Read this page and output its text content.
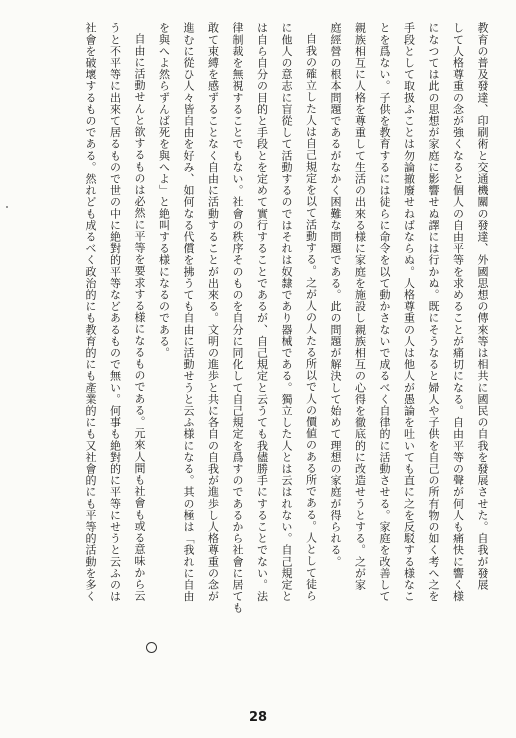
教育の普及發達、印刷術と交通機關の發達、外國思想の傳來等は相共に國民の自我を發展させた。自我が發展
して人格尊重の念が強くなると個人の自由平等を求めることが痛切になる。自由平等の聲が何人も痛快に響く様
になつては此の思想が家庭に影響せぬ譯には行かぬ。既にそうなると婦人や子供を自己の所有物の如く考へ之を
手段として取扱ふことは勿論撤廢せねばならぬ。人格尊重の人は他人が愚論を吐いても直に之を反駁する様なこ
とを爲ない。子供を教育するには徒らに命令を以て動かさないで成るべく自律的に活動させる。家庭を改善して
親族相互に人格を尊重して生活の出來る様に家庭を施設し親族相互の心得を徹底的に改造せうとする。之が家
庭經營の根本問題であるがなかく困難な問題である。此の問題が解決して始めて理想の家庭が得られる。
自我の確立した人は自己規定を以て活動する。之が人の人たる所以で人の價値のある所である。人として徒ら
に他人の意志に盲從して活動するのではそれは奴隸であり器械である。獨立した人とは云はれない。自己規定と
は自ら自分の目的と手段とを定めて實行することであるが、自己規定と云うても我儘勝手にすることでない。法
律制裁を無視することでもない。社會の秩序そのものを自分に同化して自己規定を爲すのであるから社會に居ても
敢て束縛を感ずることなく自由に活動することが出來る。文明の進歩と共に各自の自我が進歩し人格尊重の念が
進むに從ひ人々皆自由を好み、如何なる代償を拂うても自由に活動せうと云ふ様になる。其の極は「我れに自由
を與へよ然らずんば死を與へよ」と絶叫する様になるのである。
自由に活動せんと欲するものは必然に平等を要求する様になるものである。元來人間も社會も或る意味から云
うと不平等に出來て居るもので世の中に絶對的平等などあるもので無い。何事も絶對的に平等にせうと云ふのは
社會を破壞するものである。然れども成るべく政治的にも教育的にも產業的にも又社會的にも平等的活動を多く
28
